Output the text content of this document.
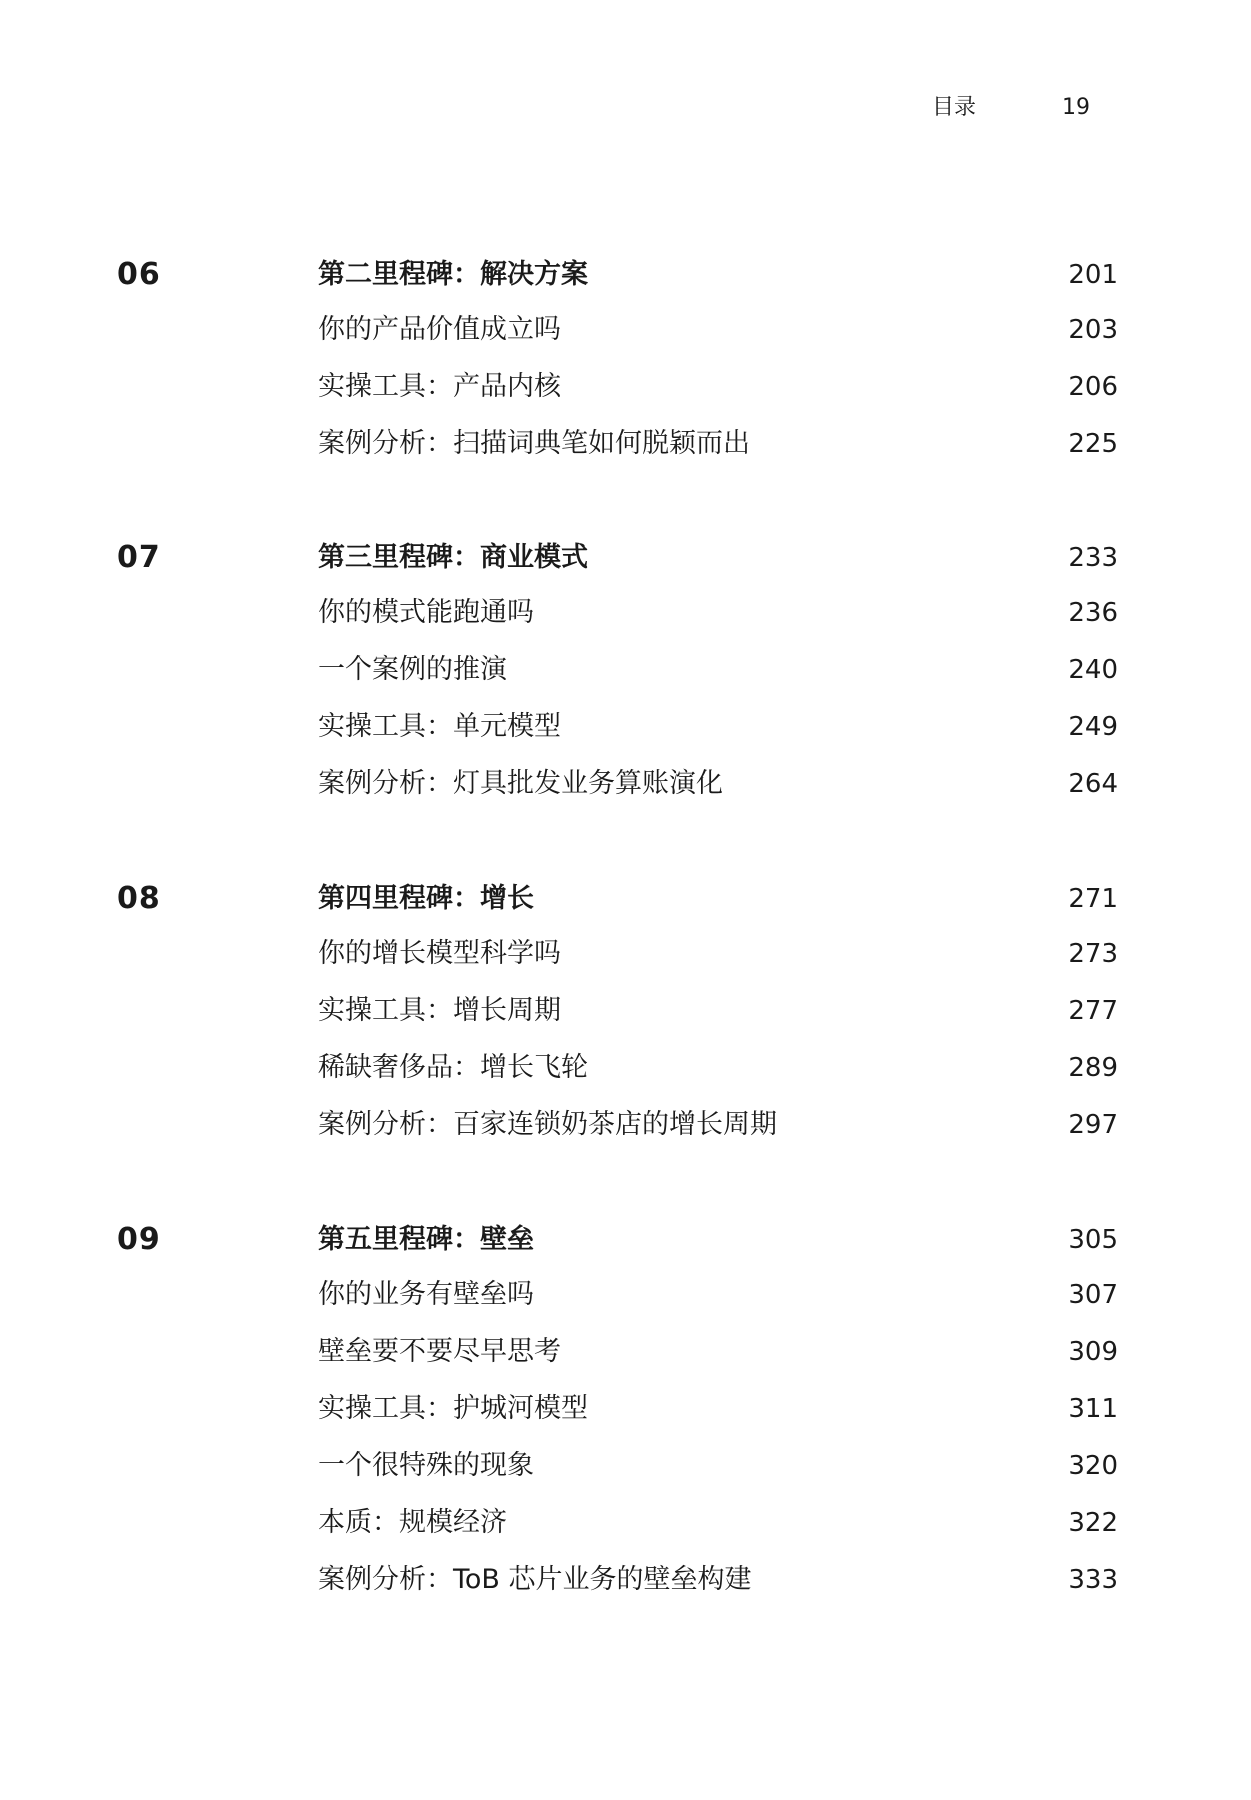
目录	19
06	第二里程碑：解决方案	201
你的产品价值成立吗	203
实操工具：产品内核	206
案例分析：扫描词典笔如何脱颖而出	225
07	第三里程碑：商业模式	233
你的模式能跑通吗	236
一个案例的推演	240
实操工具：单元模型	249
案例分析：灯具批发业务算账演化	264
08	第四里程碑：增长	271
你的增长模型科学吗	273
实操工具：增长周期	277
稀缺奢侈品：增长飞轮	289
案例分析：百家连锁奶茶店的增长周期	297
09	第五里程碑：壁垒	305
你的业务有壁垒吗	307
壁垒要不要尽早思考	309
实操工具：护城河模型	311
一个很特殊的现象	320
本质：规模经济	322
案例分析：ToB 芯片业务的壁垒构建	333
